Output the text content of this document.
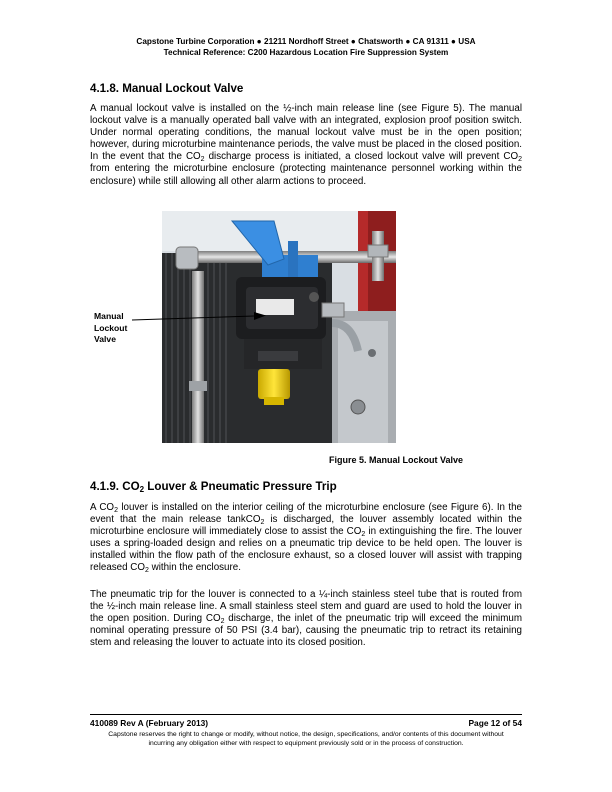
Capstone Turbine Corporation ● 21211 Nordhoff Street ● Chatsworth ● CA 91311 ● USA
Technical Reference: C200 Hazardous Location Fire Suppression System
4.1.8. Manual Lockout Valve

A manual lockout valve is installed on the ½-inch main release line (see Figure 5). The manual lockout valve is a manually operated ball valve with an integrated, explosion proof position switch. Under normal operating conditions, the manual lockout valve must be in the open position; however, during microturbine maintenance periods, the valve must be placed in the closed position. In the event that the $CO_2$ discharge process is initiated, a closed lockout valve will prevent $CO_2$ from entering the microturbine enclosure (protecting maintenance personnel working within the enclosure) while still allowing all other alarm actions to proceed.

Manual
Lockout
Valve
Figure 5. Manual Lockout Valve
4.1.9. $CO_2$ Louver & Pneumatic Pressure Trip

A $CO_2$ louver is installed on the interior ceiling of the microturbine enclosure (see Figure 6). In the event that the main release tankCO$_2$ is discharged, the louver assembly located within the microturbine enclosure will immediately close to assist the $CO_2$ in extinguishing the fire. The louver uses a spring-loaded design and relies on a pneumatic trip device to be held open. The louver is installed within the flow path of the enclosure exhaust, so a closed louver will assist with trapping released $CO_2$ within the enclosure.

The pneumatic trip for the louver is connected to a ¼-inch stainless steel tube that is routed from the ½-inch main release line. A small stainless steel stem and guard are used to hold the louver in the open position. During $CO_2$ discharge, the inlet of the pneumatic trip will exceed the minimum nominal operating pressure of 50 PSI (3.4 bar), causing the pneumatic trip to retract its retaining stem and releasing the louver to actuate into its closed position.

410089 Rev A (February 2013)	Page 12 of 54
Capstone reserves the right to change or modify, without notice, the design, specifications, and/or contents of this document without incurring any obligation either with respect to equipment previously sold or in the process of construction.
